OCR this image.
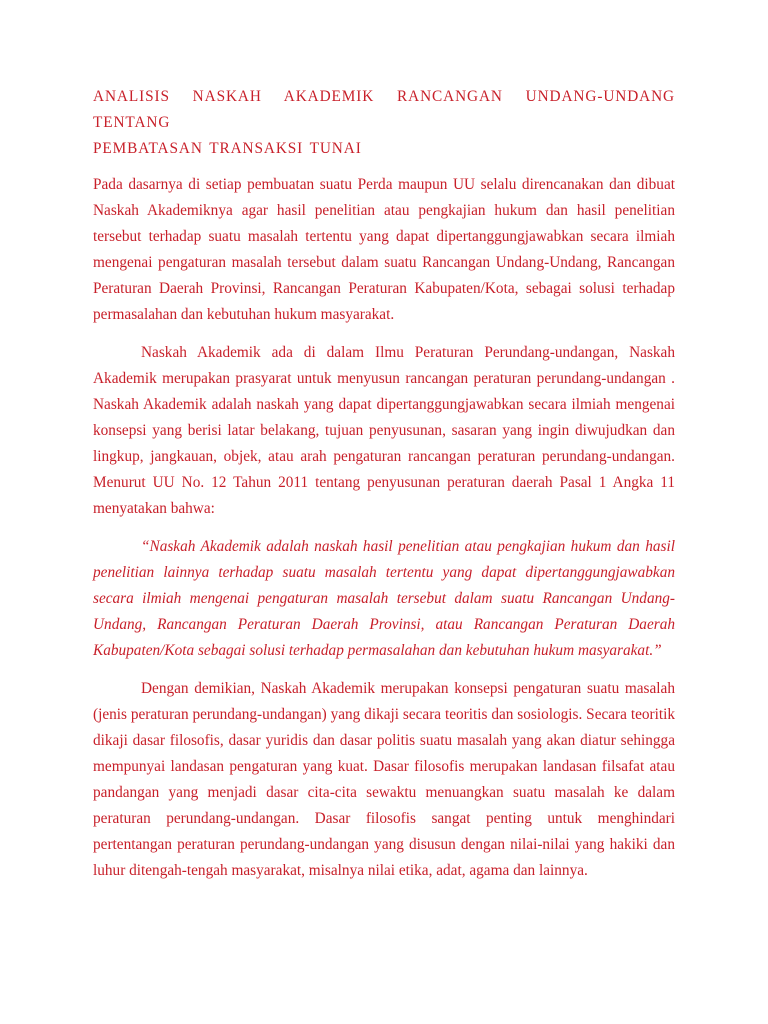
ANALISIS NASKAH AKADEMIK RANCANGAN UNDANG-UNDANG TENTANG
PEMBATASAN TRANSAKSI TUNAI

Pada dasarnya di setiap pembuatan suatu Perda maupun UU selalu direncanakan dan dibuat Naskah Akademiknya agar hasil penelitian atau pengkajian hukum dan hasil penelitian tersebut terhadap suatu masalah tertentu yang dapat dipertanggungjawabkan secara ilmiah mengenai pengaturan masalah tersebut dalam suatu Rancangan Undang-Undang, Rancangan Peraturan Daerah Provinsi, Rancangan Peraturan Kabupaten/Kota, sebagai solusi terhadap permasalahan dan kebutuhan hukum masyarakat.

Naskah Akademik ada di dalam Ilmu Peraturan Perundang-undangan, Naskah Akademik merupakan prasyarat untuk menyusun rancangan peraturan perundang-undangan . Naskah Akademik adalah naskah yang dapat dipertanggungjawabkan secara ilmiah mengenai konsepsi yang berisi latar belakang, tujuan penyusunan, sasaran yang ingin diwujudkan dan lingkup, jangkauan, objek, atau arah pengaturan rancangan peraturan perundang-undangan. Menurut UU No. 12 Tahun 2011 tentang penyusunan peraturan daerah Pasal 1 Angka 11 menyatakan bahwa:

“Naskah Akademik adalah naskah hasil penelitian atau pengkajian hukum dan hasil penelitian lainnya terhadap suatu masalah tertentu yang dapat dipertanggungjawabkan secara ilmiah mengenai pengaturan masalah tersebut dalam suatu Rancangan Undang-Undang, Rancangan Peraturan Daerah Provinsi, atau Rancangan Peraturan Daerah Kabupaten/Kota sebagai solusi terhadap permasalahan dan kebutuhan hukum masyarakat.”

Dengan demikian, Naskah Akademik merupakan konsepsi pengaturan suatu masalah (jenis peraturan perundang-undangan) yang dikaji secara teoritis dan sosiologis. Secara teoritik dikaji dasar filosofis, dasar yuridis dan dasar politis suatu masalah yang akan diatur sehingga mempunyai landasan pengaturan yang kuat. Dasar filosofis merupakan landasan filsafat atau pandangan yang menjadi dasar cita-cita sewaktu menuangkan suatu masalah ke dalam peraturan perundang-undangan. Dasar filosofis sangat penting untuk menghindari pertentangan peraturan perundang-undangan yang disusun dengan nilai-nilai yang hakiki dan luhur ditengah-tengah masyarakat, misalnya nilai etika, adat, agama dan lainnya.
